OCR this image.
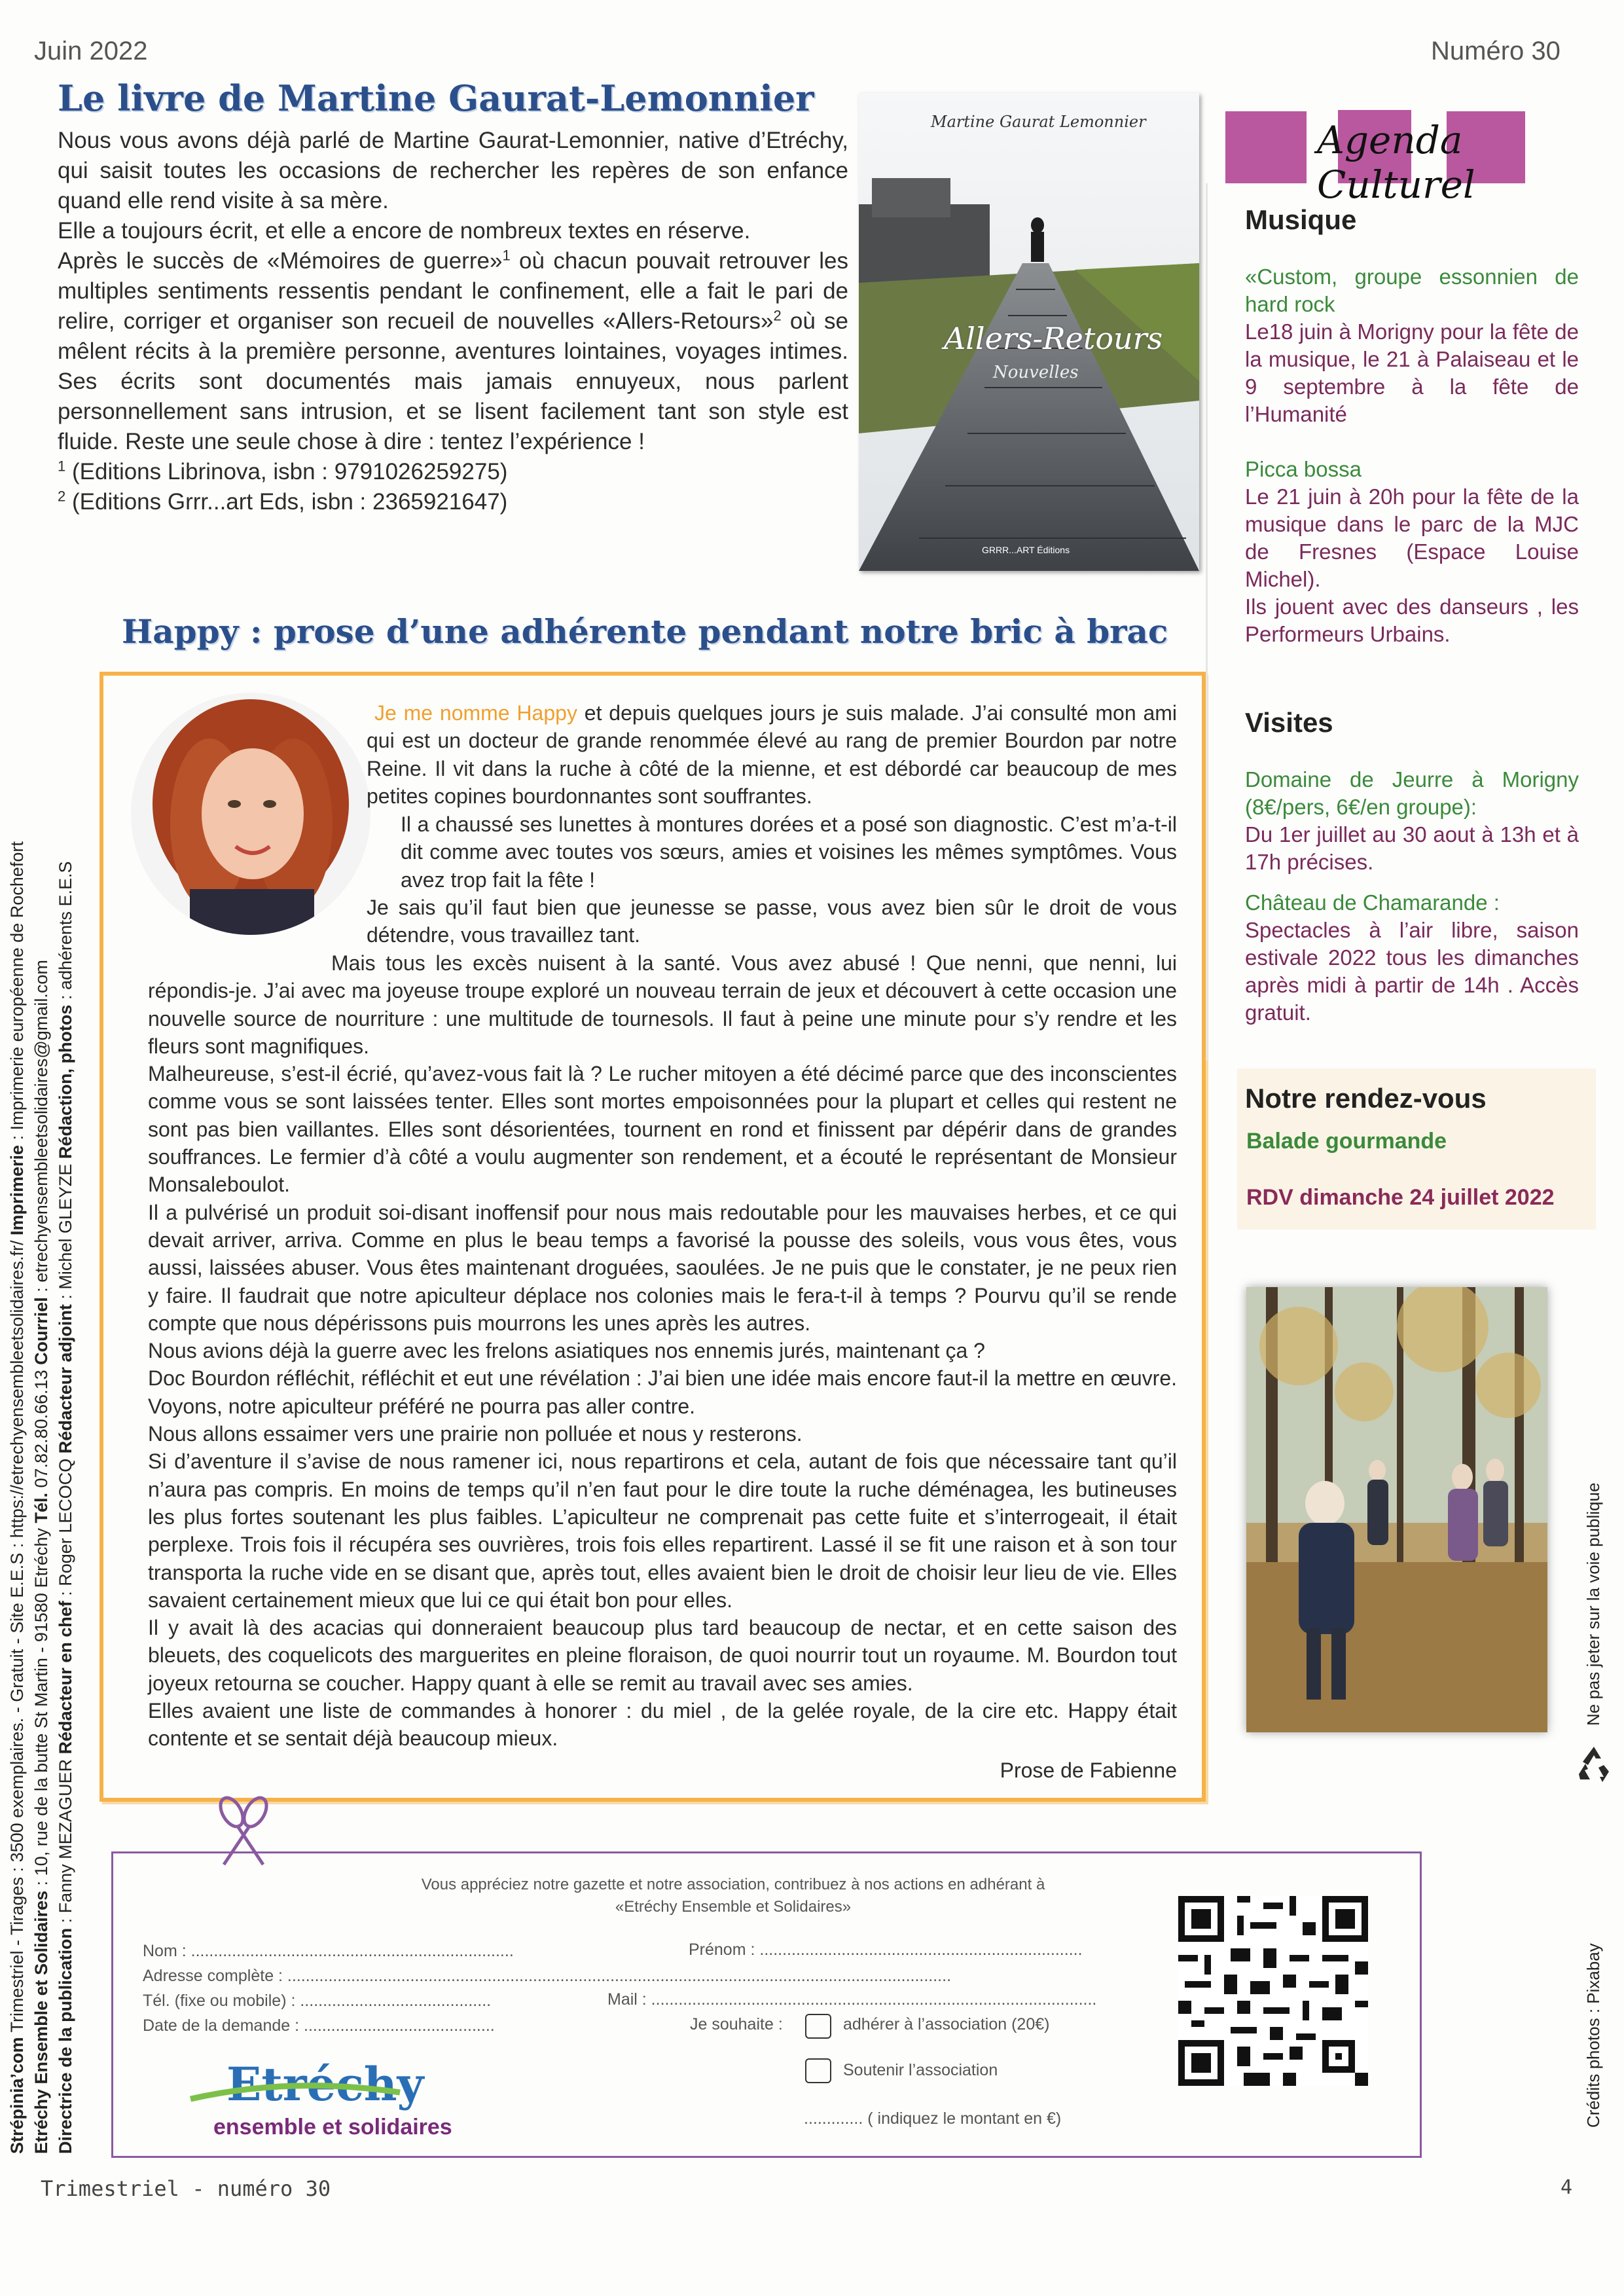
Juin 2022	Numéro 30
Le livre de Martine Gaurat-Lemonnier

Nous vous avons déjà parlé de Martine Gaurat-Lemonnier, native d’Etréchy, qui saisit toutes les occasions de rechercher les repères de son enfance quand elle rend visite à sa mère.

Elle a toujours écrit, et elle a encore de nombreux textes en réserve.

Après le succès de «Mémoires de guerre»$^1$ où chacun pouvait retrouver les multiples sentiments ressentis pendant le confinement, elle a fait le pari de relire, corriger et organiser son recueil de nouvelles «Allers-Retours»$^2$ où se mêlent récits à la première personne, aventures lointaines, voyages intimes. Ses écrits sont documentés mais jamais ennuyeux, nous parlent personnellement sans intrusion, et se lisent facilement tant son style est fluide. Reste une seule chose à dire : tentez l’expérience !

$^1$ (Editions Librinova, isbn : 9791026259275)

$^2$ (Editions Grrr...art Eds, isbn : 2365921647)

Martine Gaurat Lemonnier
Allers-Retours
Nouvelles
GRRR...ART Éditions
Happy : prose d’une adhérente pendant notre bric à brac

Je me nomme Happy et depuis quelques jours je suis malade. J’ai consulté mon ami qui est un docteur de grande renommée élevé au rang de premier Bourdon par notre Reine. Il vit dans la ruche à côté de la mienne, et est débordé car beaucoup de mes petites copines bourdonnantes sont souffrantes.

Il a chaussé ses lunettes à montures dorées et a posé son diagnostic. C’est m’a-t-il dit comme avec toutes vos sœurs, amies et voisines les mêmes symptômes. Vous avez trop fait la fête !
Je sais qu’il faut bien que jeunesse se passe, vous avez bien sûr le droit de vous détendre, vous travaillez tant.

Mais tous les excès nuisent à la santé. Vous avez abusé ! Que nenni, que nenni, lui répondis-je. J’ai avec ma joyeuse troupe exploré un nouveau terrain de jeux et découvert à cette occasion une nouvelle source de nourriture : une multitude de tournesols. Il faut à peine une minute pour s’y rendre et les fleurs sont magnifiques.

Malheureuse, s’est-il écrié, qu’avez-vous fait là ? Le rucher mitoyen a été décimé parce que des inconscientes comme vous se sont laissées tenter. Elles sont mortes empoisonnées pour la plupart et celles qui restent ne sont pas bien vaillantes. Elles sont désorientées, tournent en rond et finissent par dépérir dans de grandes souffrances. Le fermier d’à côté a voulu augmenter son rendement, et a écouté le représentant de Monsieur Monsaleboulot.

Il a pulvérisé un produit soi-disant inoffensif pour nous mais redoutable pour les mauvaises herbes, et ce qui devait arriver, arriva. Comme en plus le beau temps a favorisé la pousse des soleils, vous vous êtes, vous aussi, laissées abuser. Vous êtes maintenant droguées, saoulées. Je ne puis que le constater, je ne peux rien y faire. Il faudrait que notre apiculteur déplace nos colonies mais le fera-t-il à temps ? Pourvu qu’il se rende compte que nous dépérissons puis mourrons les unes après les autres.

Nous avions déjà la guerre avec les frelons asiatiques nos ennemis jurés, maintenant ça ?

Doc Bourdon réfléchit, réfléchit et eut une révélation : J’ai bien une idée mais encore faut-il la mettre en œuvre. Voyons, notre apiculteur préféré ne pourra pas aller contre.

Nous allons essaimer vers une prairie non polluée et nous y resterons.

Si d’aventure il s’avise de nous ramener ici, nous repartirons et cela, autant de fois que nécessaire tant qu’il n’aura pas compris. En moins de temps qu’il n’en faut pour le dire toute la ruche déménagea, les butineuses les plus fortes soutenant les plus faibles. L’apiculteur ne comprenait pas cette fuite et s’interrogeait, il était perplexe. Trois fois il récupéra ses ouvrières, trois fois elles repartirent. Lassé il se fit une raison et à son tour transporta la ruche vide en se disant que, après tout, elles avaient bien le droit de choisir leur lieu de vie. Elles savaient certainement mieux que lui ce qui était bon pour elles.

Il y avait là des acacias qui donneraient beaucoup plus tard beaucoup de nectar, et en cette saison des bleuets, des coquelicots des marguerites en pleine floraison, de quoi nourrir tout un royaume. M. Bourdon tout joyeux retourna se coucher. Happy quant à elle se remit au travail avec ses amies.

Elles avaient une liste de commandes à honorer : du miel , de la gelée royale, de la cire etc. Happy était contente et se sentait déjà beaucoup mieux.

Prose de Fabienne

Agenda Culturel
Musique
«Custom, groupe essonnien de hard rock
Le18 juin à Morigny pour la fête de la musique, le 21 à Palaiseau et le 9 septembre à la fête de l’Humanité
Picca bossa
Le 21 juin à 20h pour la fête de la musique dans le parc de la MJC de Fresnes (Espace Louise Michel).
Ils jouent avec des danseurs , les Performeurs Urbains.
Visites
Domaine de Jeurre à Morigny (8€/pers, 6€/en groupe):
Du 1er juillet au 30 aout à 13h et à 17h précises.
Château de Chamarande :
Spectacles à l’air libre, saison estivale 2022 tous les dimanches après midi à partir de 14h . Accès gratuit.
Notre rendez-vous
Balade gourmande
RDV dimanche 24 juillet 2022
Ne pas jeter sur la voie publique
Crédits photos : Pixabay
Strépinia’com Trimestriel - Tirages : 3500 exemplaires. - Gratuit - Site E.E.S : https://etrechyensembleetsolidaires.fr/ Imprimerie : Imprimerie européenne de Rochefort
Etréchy Ensemble et Solidaires : 10, rue de la butte St Martin - 91580 Etréchy Tél. 07.82.80.66.13 Courriel : etrechyensembleetsolidaires@gmail.com
Directrice de la publication : Fanny MEZAGUER Rédacteur en chef : Roger LECOCQ Rédacteur adjoint : Michel GLEYZE Rédaction, photos : adhérents E.E.S
Vous appréciez notre gazette et notre association, contribuez à nos actions en adhérant à
«Etréchy Ensemble et Solidaires»
Nom : .......................................................................	Prénom : .......................................................................
Adresse complète : ..................................................................................................................................................
Tél. (fixe ou mobile) : ..........................................	Mail : ..................................................................................................
Date de la demande : ..........................................	Je souhaite :	adhérer à l’association (20€)
Soutenir l’association
............. ( indiquez le montant en €)
Etréchy
ensemble et solidaires
Trimestriel - numéro 30	4
